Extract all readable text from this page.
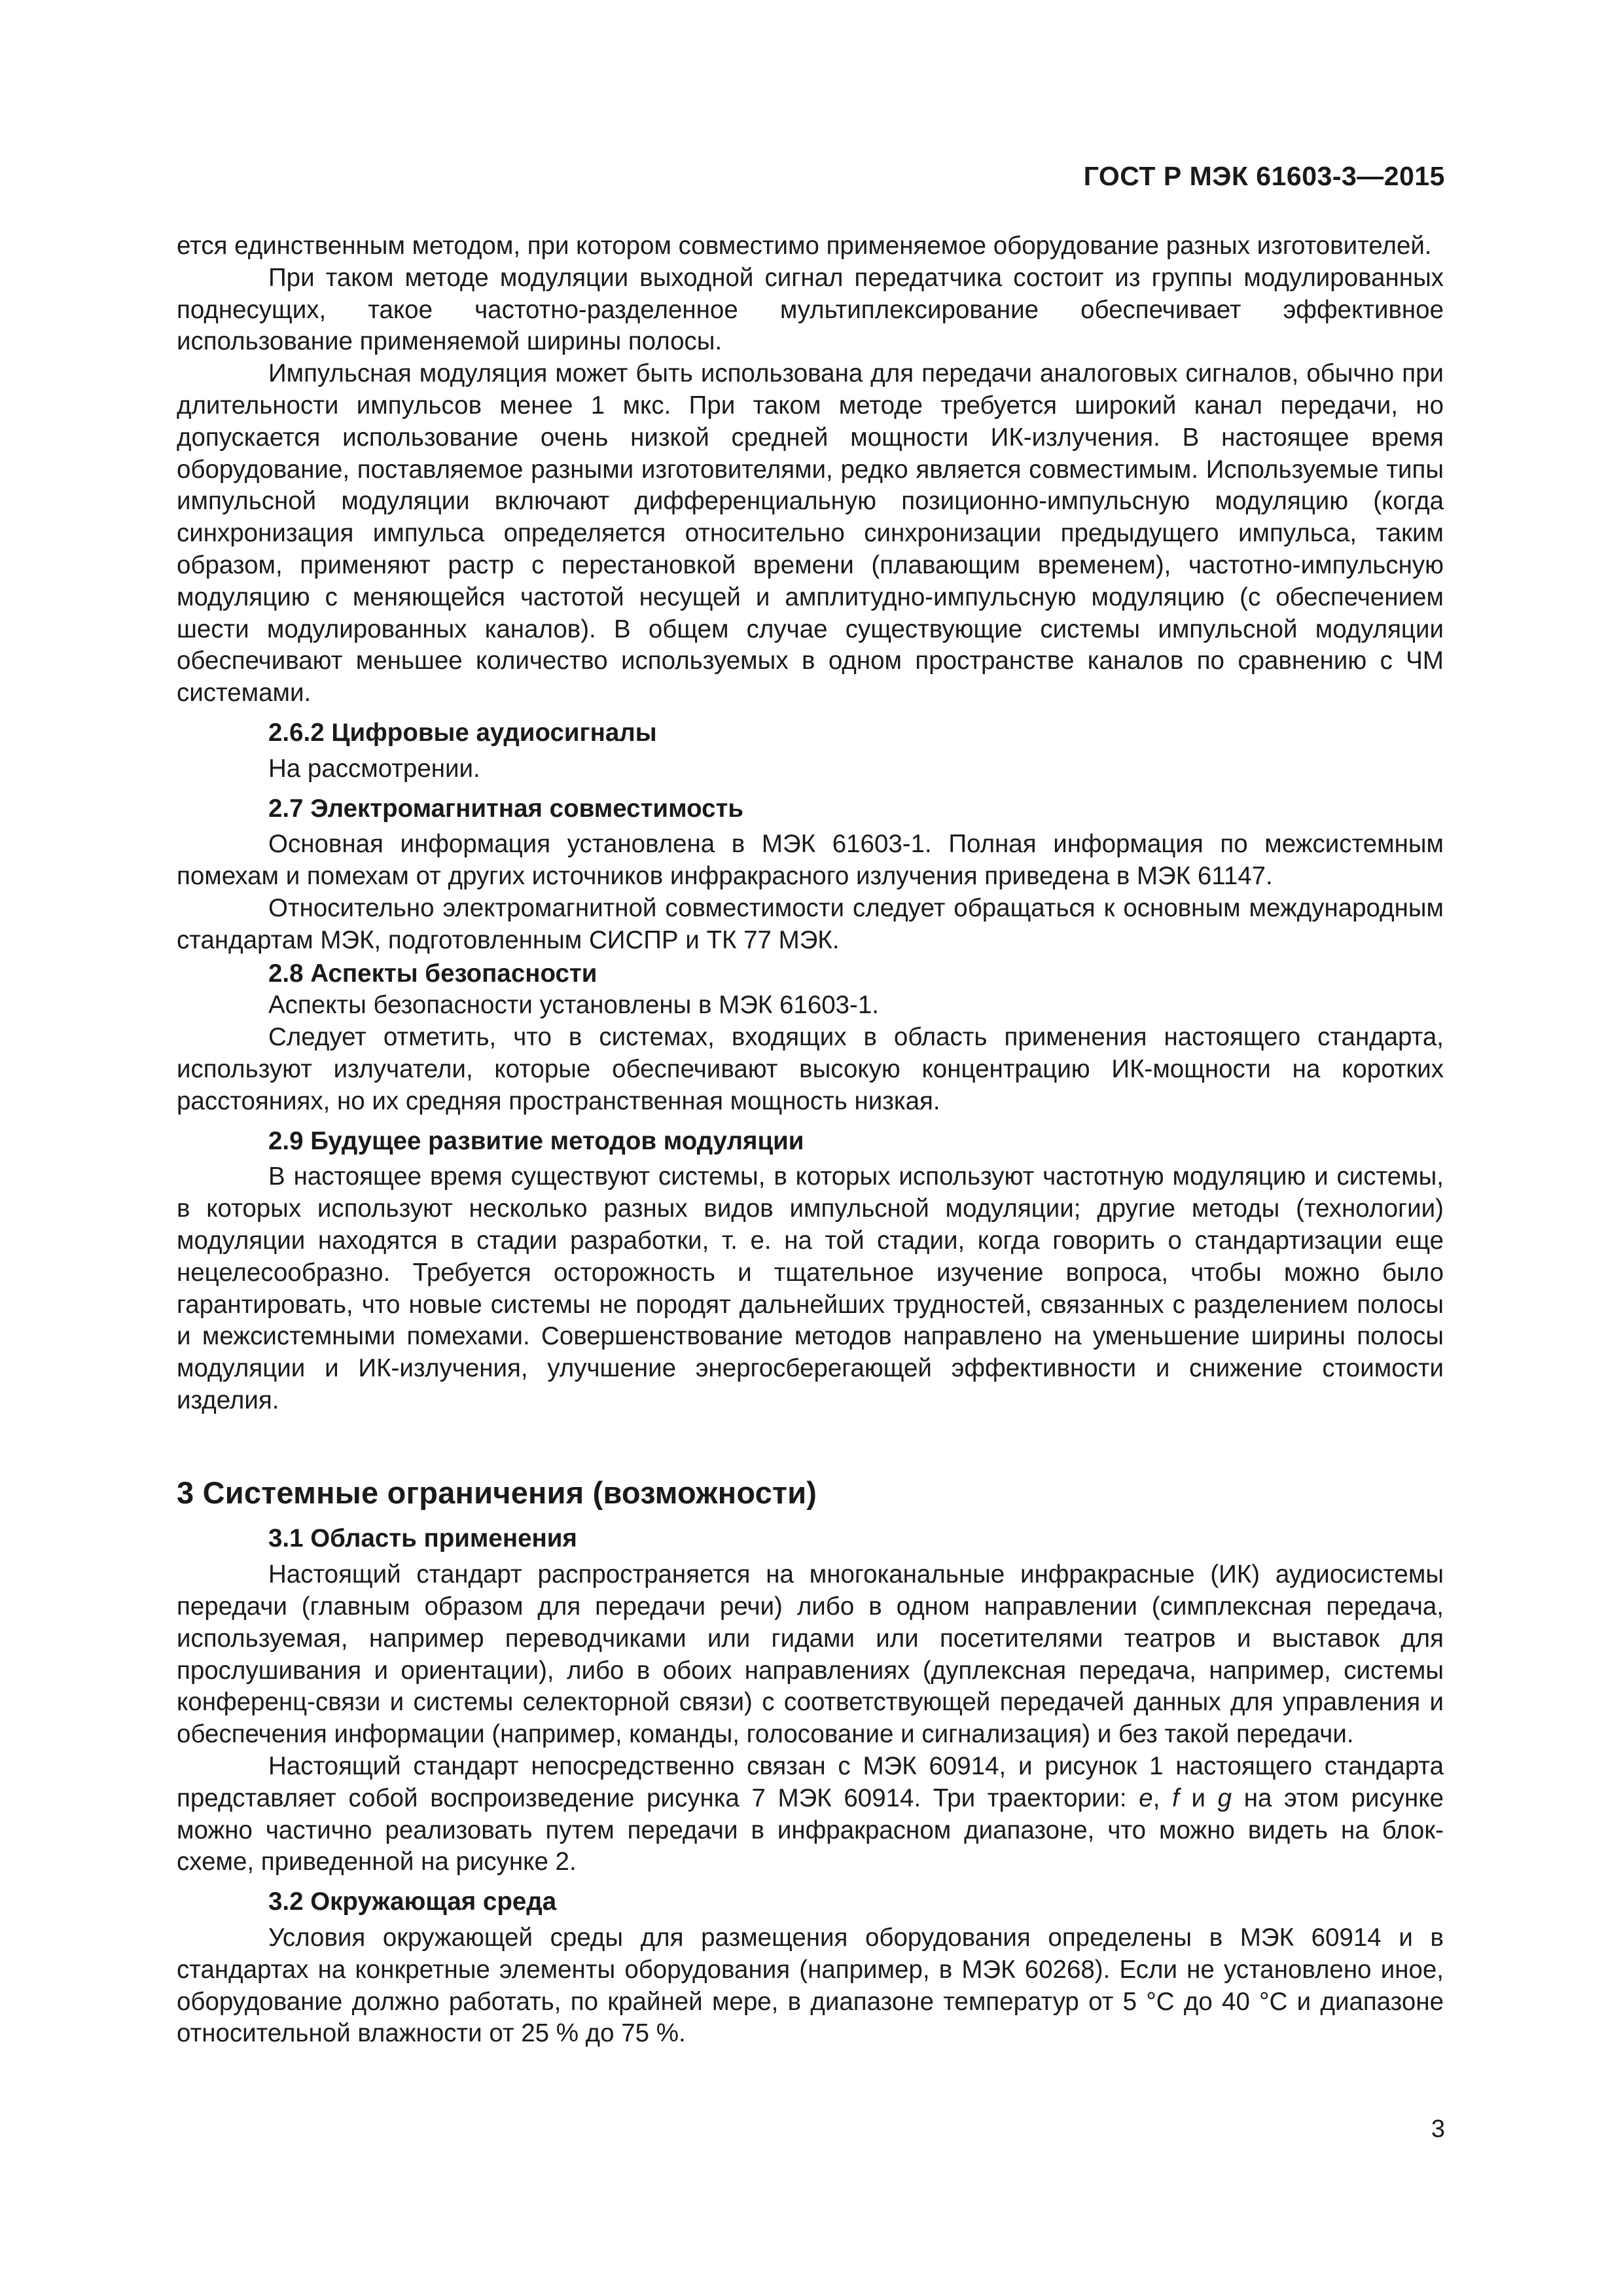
ГОСТ Р МЭК 61603-3—2015

ется единственным методом, при котором совместимо применяемое оборудование разных изготовителей.

При таком методе модуляции выходной сигнал передатчика состоит из группы модулированных поднесущих, такое частотно-разделенное мультиплексирование обеспечивает эффективное использование применяемой ширины полосы.

Импульсная модуляция может быть использована для передачи аналоговых сигналов, обычно при длительности импульсов менее 1 мкс. При таком методе требуется широкий канал передачи, но допускается использование очень низкой средней мощности ИК-излучения. В настоящее время оборудование, поставляемое разными изготовителями, редко является совместимым. Используемые типы импульсной модуляции включают дифференциальную позиционно-импульсную модуляцию (когда синхронизация импульса определяется относительно синхронизации предыдущего импульса, таким образом, применяют растр с перестановкой времени (плавающим временем), частотно-импульсную модуляцию с меняющейся частотой несущей и амплитудно-импульсную модуляцию (с обеспечением шести модулированных каналов). В общем случае существующие системы импульсной модуляции обеспечивают меньшее количество используемых в одном пространстве каналов по сравнению с ЧМ системами.

2.6.2 Цифровые аудиосигналы

На рассмотрении.

2.7 Электромагнитная совместимость

Основная информация установлена в МЭК 61603-1. Полная информация по межсистемным помехам и помехам от других источников инфракрасного излучения приведена в МЭК 61147.

Относительно электромагнитной совместимости следует обращаться к основным международным стандартам МЭК, подготовленным СИСПР и ТК 77 МЭК.

2.8 Аспекты безопасности

Аспекты безопасности установлены в МЭК 61603-1.

Следует отметить, что в системах, входящих в область применения настоящего стандарта, используют излучатели, которые обеспечивают высокую концентрацию ИК-мощности на коротких расстояниях, но их средняя пространственная мощность низкая.

2.9 Будущее развитие методов модуляции

В настоящее время существуют системы, в которых используют частотную модуляцию и системы, в которых используют несколько разных видов импульсной модуляции; другие методы (технологии) модуляции находятся в стадии разработки, т. е. на той стадии, когда говорить о стандартизации еще нецелесообразно. Требуется осторожность и тщательное изучение вопроса, чтобы можно было гарантировать, что новые системы не породят дальнейших трудностей, связанных с разделением полосы и межсистемными помехами. Совершенствование методов направлено на уменьшение ширины полосы модуляции и ИК-излучения, улучшение энергосберегающей эффективности и снижение стоимости изделия.

3 Системные ограничения (возможности)
3.1 Область применения

Настоящий стандарт распространяется на многоканальные инфракрасные (ИК) аудиосистемы передачи (главным образом для передачи речи) либо в одном направлении (симплексная передача, используемая, например переводчиками или гидами или посетителями театров и выставок для прослушивания и ориентации), либо в обоих направлениях (дуплексная передача, например, системы конференц-связи и системы селекторной связи) с соответствующей передачей данных для управления и обеспечения информации (например, команды, голосование и сигнализация) и без такой передачи.

Настоящий стандарт непосредственно связан с МЭК 60914, и рисунок 1 настоящего стандарта представляет собой воспроизведение рисунка 7 МЭК 60914. Три траектории: е, f и g на этом рисунке можно частично реализовать путем передачи в инфракрасном диапазоне, что можно видеть на блок-схеме, приведенной на рисунке 2.

3.2 Окружающая среда

Условия окружающей среды для размещения оборудования определены в МЭК 60914 и в стандартах на конкретные элементы оборудования (например, в МЭК 60268). Если не установлено иное, оборудование должно работать, по крайней мере, в диапазоне температур от 5 °С до 40 °С и диапазоне относительной влажности от 25 % до 75 %.

3
